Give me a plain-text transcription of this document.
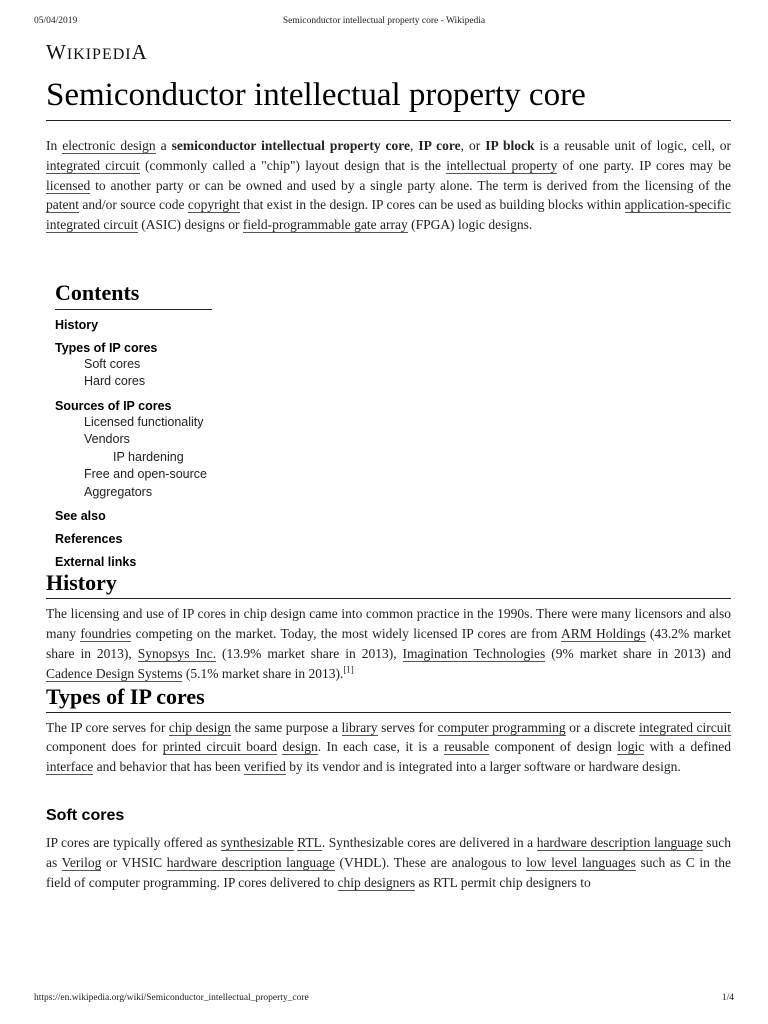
05/04/2019	Semiconductor intellectual property core - Wikipedia
WIKIPEDIA
Semiconductor intellectual property core

In electronic design a semiconductor intellectual property core, IP core, or IP block is a reusable unit of logic, cell, or integrated circuit (commonly called a "chip") layout design that is the intellectual property of one party. IP cores may be licensed to another party or can be owned and used by a single party alone. The term is derived from the licensing of the patent and/or source code copyright that exist in the design. IP cores can be used as building blocks within application-specific integrated circuit (ASIC) designs or field-programmable gate array (FPGA) logic designs.

Contents
History
Types of IP cores
Soft cores
Hard cores
Sources of IP cores
Licensed functionality
Vendors
IP hardening
Free and open-source
Aggregators
See also
References
External links
History

The licensing and use of IP cores in chip design came into common practice in the 1990s. There were many licensors and also many foundries competing on the market. Today, the most widely licensed IP cores are from ARM Holdings (43.2% market share in 2013), Synopsys Inc. (13.9% market share in 2013), Imagination Technologies (9% market share in 2013) and Cadence Design Systems (5.1% market share in 2013).[1]

Types of IP cores

The IP core serves for chip design the same purpose a library serves for computer programming or a discrete integrated circuit component does for printed circuit board design. In each case, it is a reusable component of design logic with a defined interface and behavior that has been verified by its vendor and is integrated into a larger software or hardware design.

Soft cores

IP cores are typically offered as synthesizable RTL. Synthesizable cores are delivered in a hardware description language such as Verilog or VHSIC hardware description language (VHDL). These are analogous to low level languages such as C in the field of computer programming. IP cores delivered to chip designers as RTL permit chip designers to

https://en.wikipedia.org/wiki/Semiconductor_intellectual_property_core	1/4
